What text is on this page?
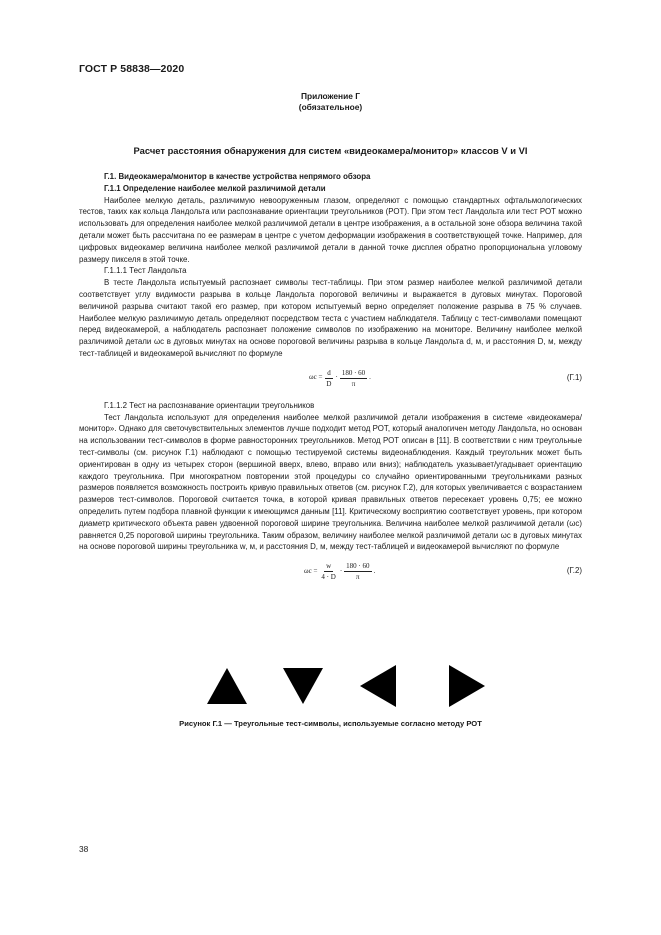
ГОСТ Р 58838—2020
Приложение Г
(обязательное)
Расчет расстояния обнаружения для систем «видеокамера/монитор» классов V и VI

Г.1. Видеокамера/монитор в качестве устройства непрямого обзора

Г.1.1 Определение наиболее мелкой различимой детали

Наиболее мелкую деталь, различимую невооруженным глазом, определяют с помощью стандартных офтальмологических тестов, таких как кольца Ландольта или распознавание ориентации треугольников (РОТ). При этом тест Ландольта или тест РОТ можно использовать для определения наиболее мелкой различимой детали в центре изображения, а в остальной зоне обзора величина такой детали может быть рассчитана по ее размерам в центре с учетом деформации изображения в соответствующей точке. Например, для цифровых видеокамер величина наиболее мелкой различимой детали в данной точке дисплея обратно пропорциональна угловому размеру пикселя в этой точке.

Г.1.1.1 Тест Ландольта

В тесте Ландольта испытуемый распознает символы тест-таблицы. При этом размер наиболее мелкой различимой детали соответствует углу видимости разрыва в кольце Ландольта пороговой величины и выражается в дуговых минутах. Пороговой величиной разрыва считают такой его размер, при котором испытуемый верно определяет положение разрыва в 75 % случаев. Наиболее мелкую различимую деталь определяют посредством теста с участием наблюдателя. Таблицу с тест-символами помещают перед видеокамерой, а наблюдатель распознает положение символов по изображению на мониторе. Величину наиболее мелкой различимой детали ωc в дуговых минутах на основе пороговой величины разрыва в кольце Ландольта d, м, и расстояния D, м, между тест-таблицей и видеокамерой вычисляют по формуле

$\omega c = \frac{d}{D} \cdot \frac{180 \cdot 60}{\pi}$ .	(Г.1)

Г.1.1.2 Тест на распознавание ориентации треугольников

Тест Ландольта используют для определения наиболее мелкой различимой детали изображения в системе «видеокамера/монитор». Однако для светочувствительных элементов лучше подходит метод РОТ, который аналогичен методу Ландольта, но основан на использовании тест-символов в форме равносторонних треугольников. Метод РОТ описан в [11]. В соответствии с ним треугольные тест-символы (см. рисунок Г.1) наблюдают с помощью тестируемой системы видеонаблюдения. Каждый треугольник может быть ориентирован в одну из четырех сторон (вершиной вверх, влево, вправо или вниз); наблюдатель указывает/угадывает ориентацию каждого треугольника. При многократном повторении этой процедуры со случайно ориентированными треугольниками разных размеров появляется возможность построить кривую правильных ответов (см. рисунок Г.2), для которых увеличивается с возрастанием размеров тест-символов. Пороговой считается точка, в которой кривая правильных ответов пересекает уровень 0,75; ее можно определить путем подбора плавной функции к имеющимся данным [11]. Критическому восприятию соответствует уровень, при котором диаметр критического объекта равен удвоенной пороговой ширине треугольника. Величина наиболее мелкой различимой детали (ωc) равняется 0,25 пороговой ширины треугольника. Таким образом, величину наиболее мелкой различимой детали ωc в дуговых минутах на основе пороговой ширины треугольника w, м, и расстояния D, м, между тест-таблицей и видеокамерой вычисляют по формуле

$\omega c = \frac{w}{4 \cdot D} \cdot \frac{180 \cdot 60}{\pi}$ .	(Г.2)
Рисунок Г.1 — Треугольные тест-символы, используемые согласно методу РОТ
38
